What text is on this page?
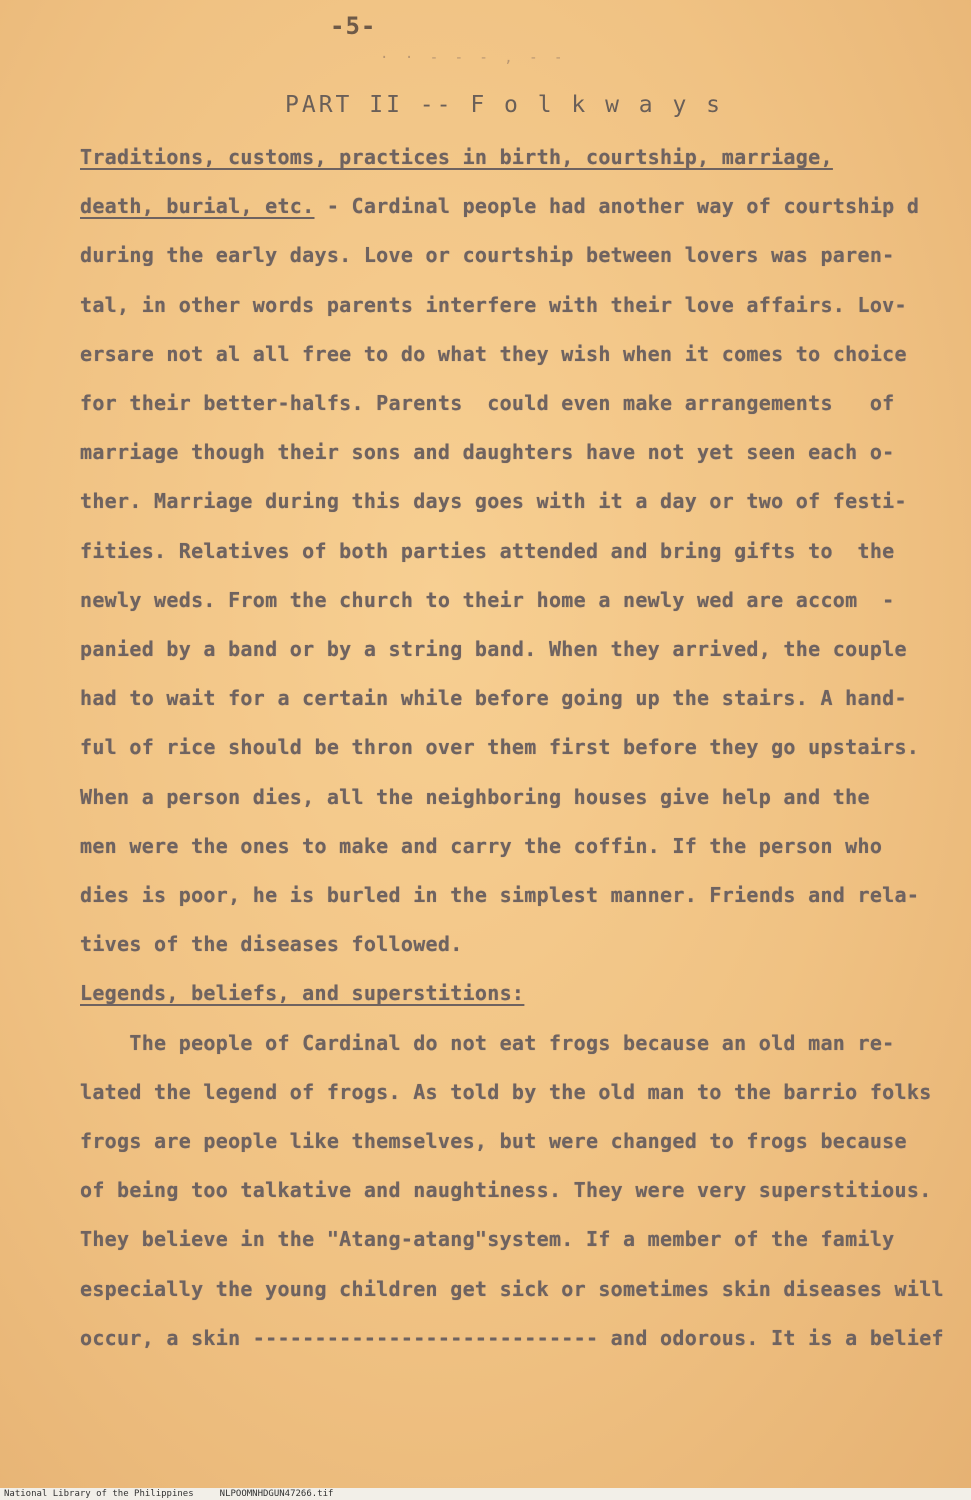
-5-
· · - - - , - -
PART II -- F o l k w a y s
Traditions, customs, practices in birth, courtship, marriage,
death, burial, etc. - Cardinal people had another way of courtship d
during the early days. Love or courtship between lovers was paren-
tal, in other words parents interfere with their love affairs. Lov-
ersare not al all free to do what they wish when it comes to choice
for their better-halfs. Parents  could even make arrangements   of
marriage though their sons and daughters have not yet seen each o-
ther. Marriage during this days goes with it a day or two of festi-
fities. Relatives of both parties attended and bring gifts to  the
newly weds. From the church to their home a newly wed are accom  -
panied by a band or by a string band. When they arrived, the couple
had to wait for a certain while before going up the stairs. A hand-
ful of rice should be thron over them first before they go upstairs.
When a person dies, all the neighboring houses give help and the
men were the ones to make and carry the coffin. If the person who
dies is poor, he is burled in the simplest manner. Friends and rela-
tives of the diseases followed.
Legends, beliefs, and superstitions:
The people of Cardinal do not eat frogs because an old man re-
lated the legend of frogs. As told by the old man to the barrio folks
frogs are people like themselves, but were changed to frogs because
of being too talkative and naughtiness. They were very superstitious.
They believe in the "Atang-atang"system. If a member of the family
especially the young children get sick or sometimes skin diseases will
occur, a skin ---------------------------- and odorous. It is a belief
National Library of the Philippines	NLPOOMNHDGUN47266.tif
